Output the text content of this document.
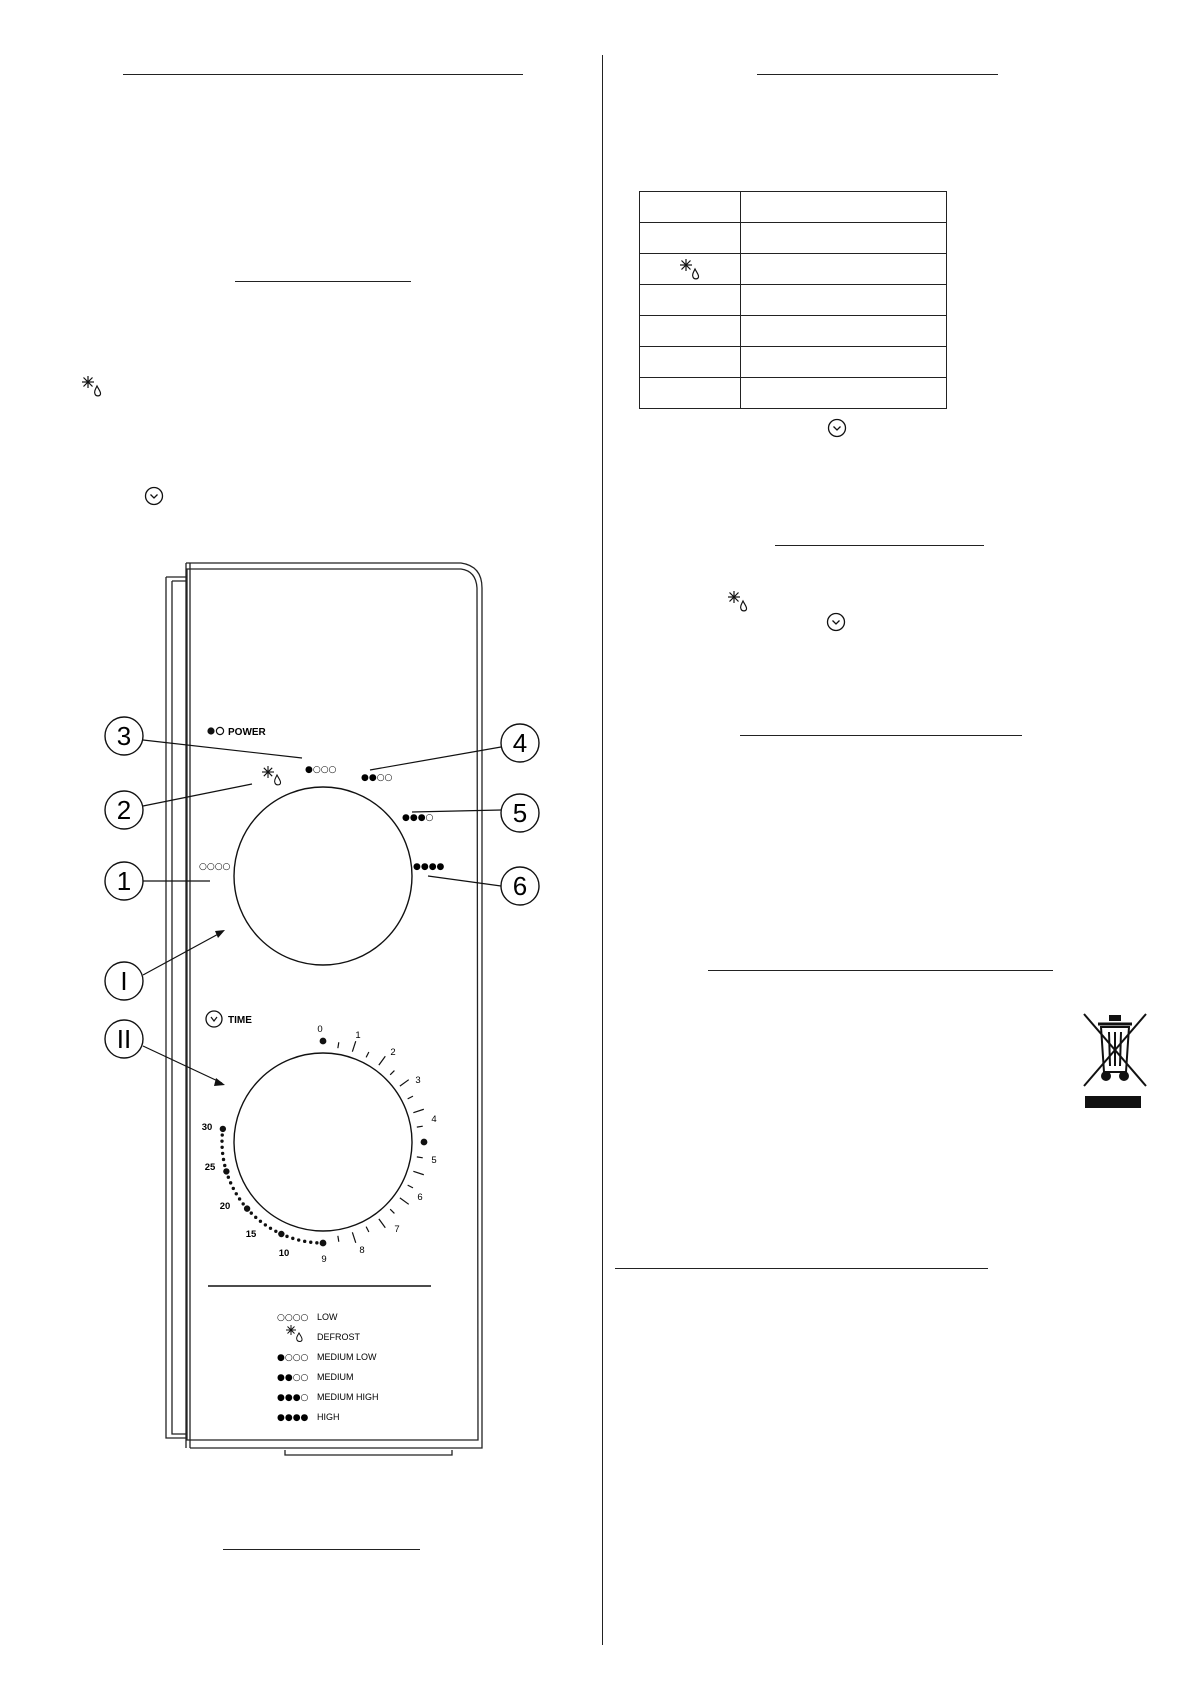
POWER
○○○○
●○○○
●●○○
●●●○
●●●●
3
2
1
I
II
4
5
6
TIME
0
1
2
3
4
5
6
7
8
9
10
15
20
25
30
○○○○ LOW
DEFROST
●○○○ MEDIUM LOW
●●○○ MEDIUM
●●●○ MEDIUM HIGH
●●●● HIGH
